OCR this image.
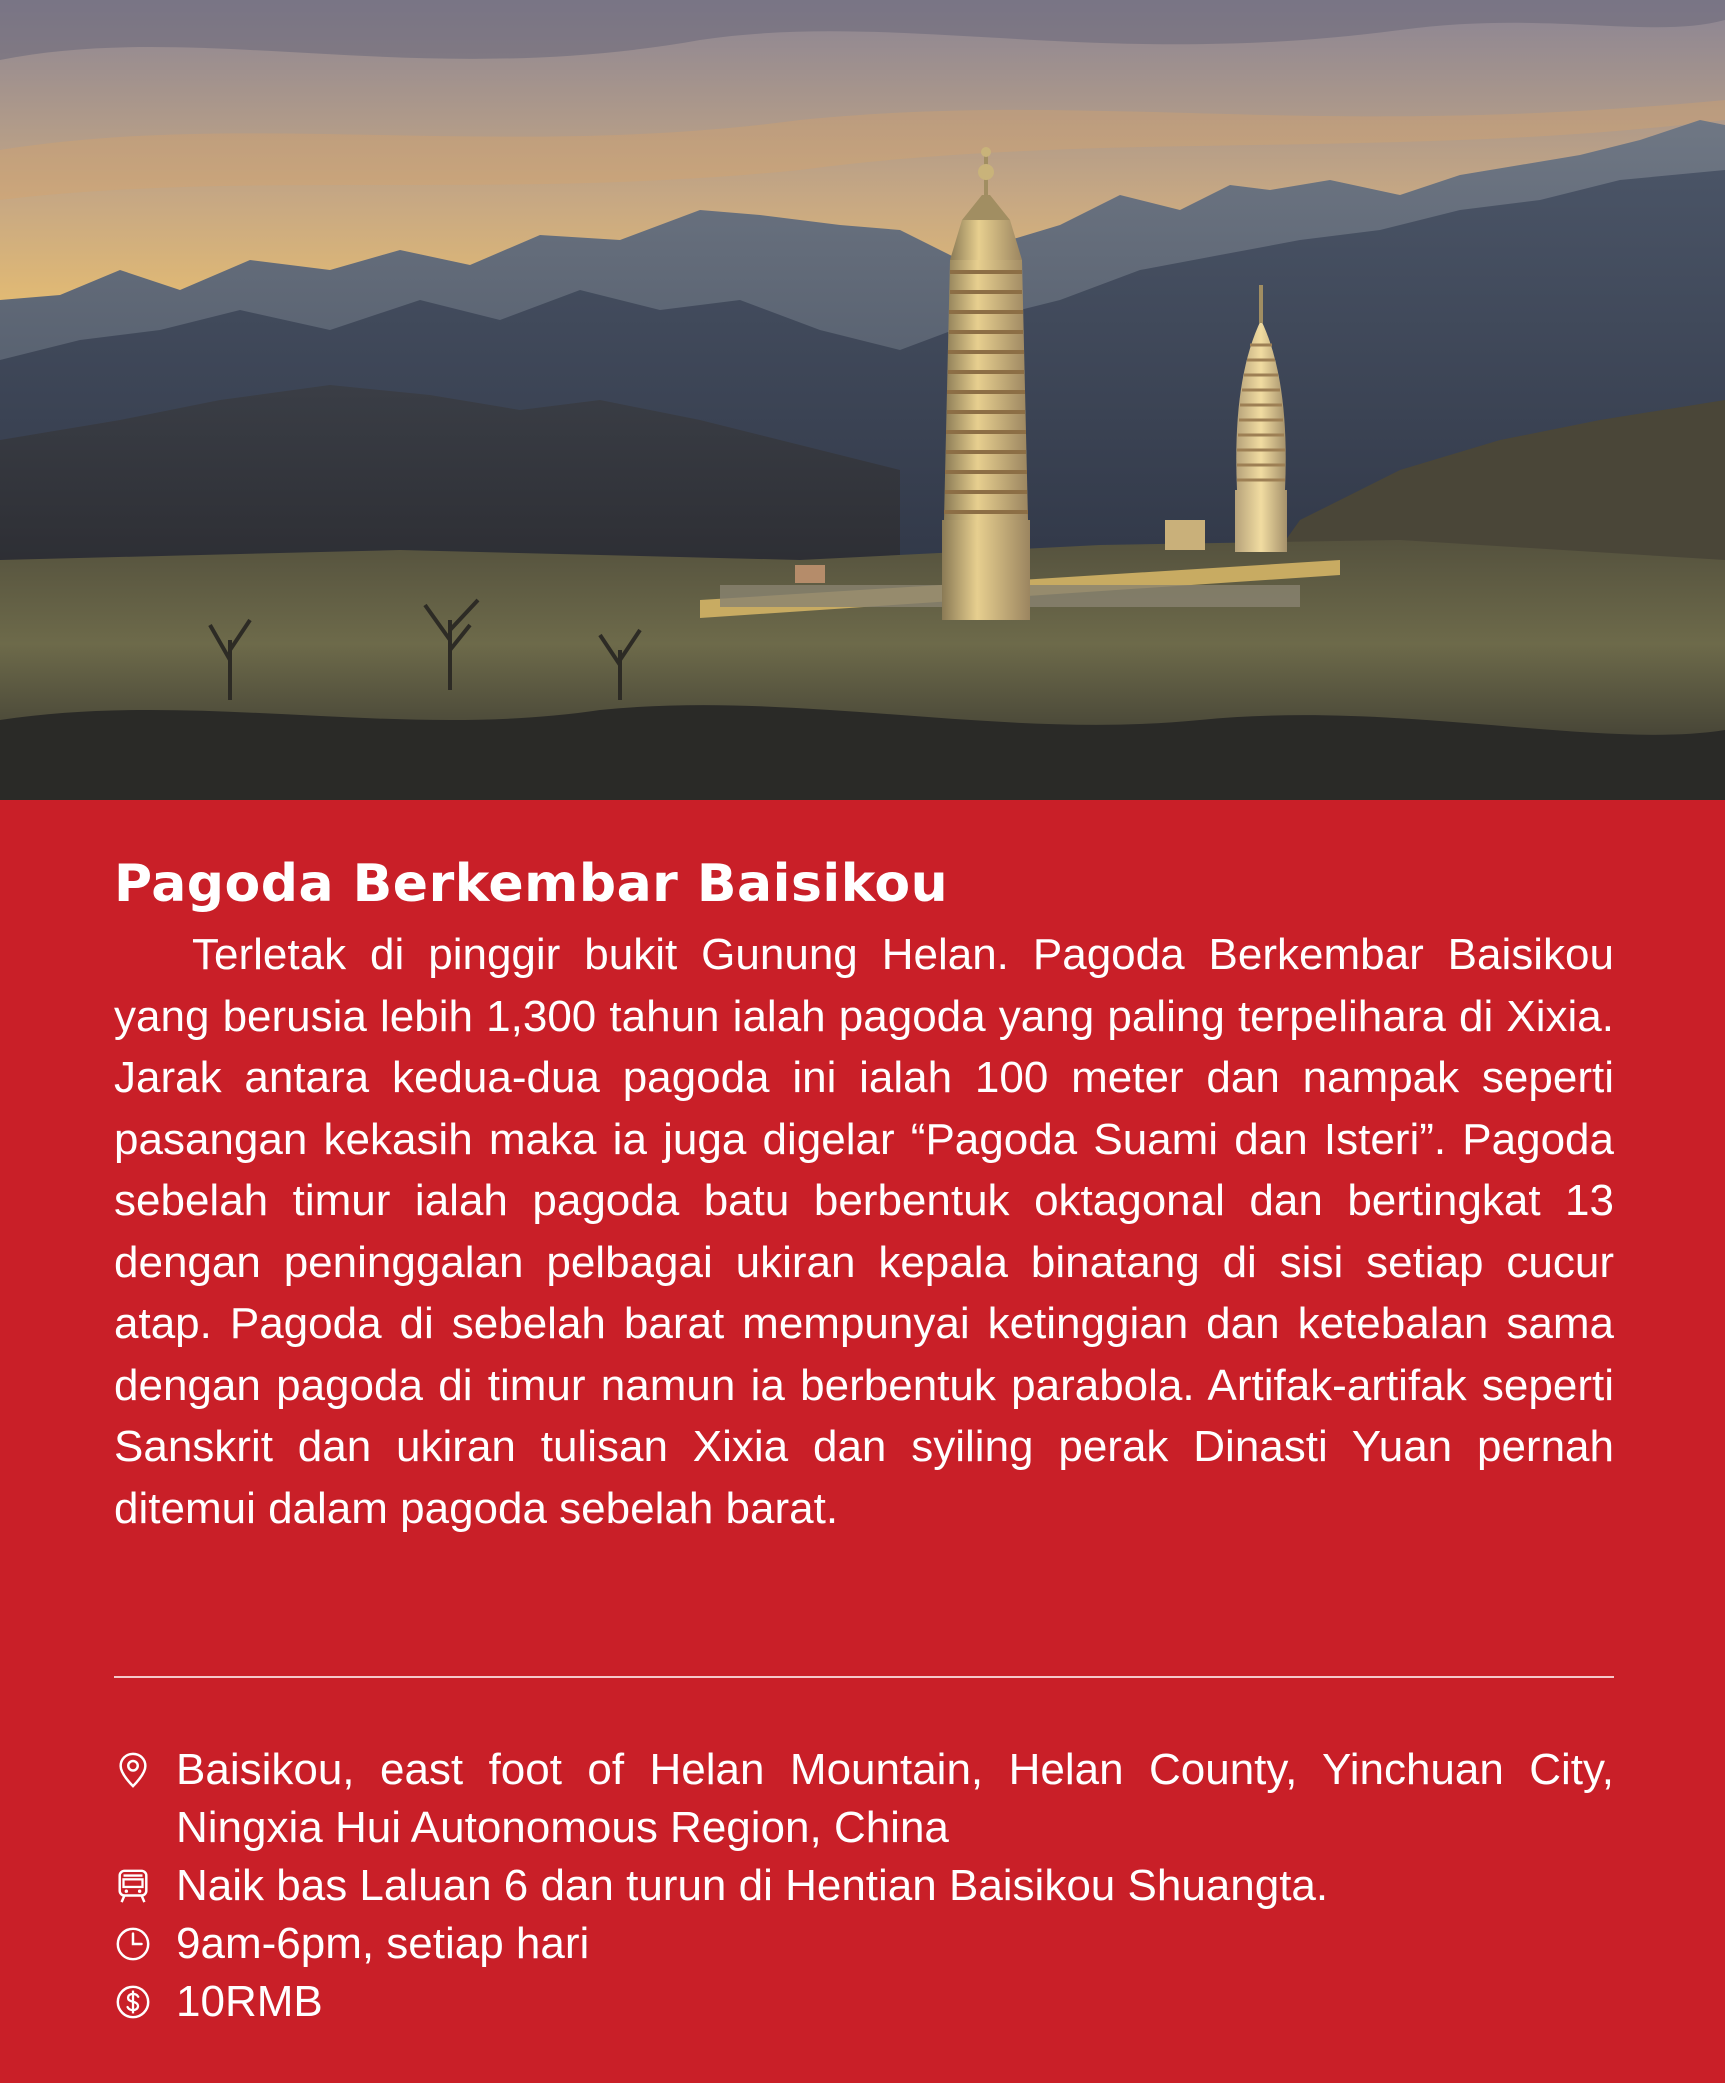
Pagoda Berkembar Baisikou

Terletak di pinggir bukit Gunung Helan. Pagoda Berkembar Baisikou yang berusia lebih 1,300 tahun ialah pagoda yang paling terpelihara di Xixia. Jarak antara kedua-dua pagoda ini ialah 100 meter dan nampak seperti pasangan kekasih maka ia juga digelar “Pagoda Suami dan Isteri”. Pagoda sebelah timur ialah pagoda batu berbentuk oktagonal dan bertingkat 13 dengan peninggalan pelbagai ukiran kepala binatang di sisi setiap cucur atap. Pagoda di sebelah barat mempunyai ketinggian dan ketebalan sama dengan pagoda di timur namun ia berbentuk parabola. Artifak-artifak seperti Sanskrit dan ukiran tulisan Xixia dan syiling perak Dinasti Yuan pernah ditemui dalam pagoda sebelah barat.

Baisikou, east foot of Helan Mountain, Helan County, Yinchuan City, Ningxia Hui Autonomous Region, China
Naik bas Laluan 6 dan turun di Hentian Baisikou Shuangta.
9am-6pm, setiap hari
10RMB
